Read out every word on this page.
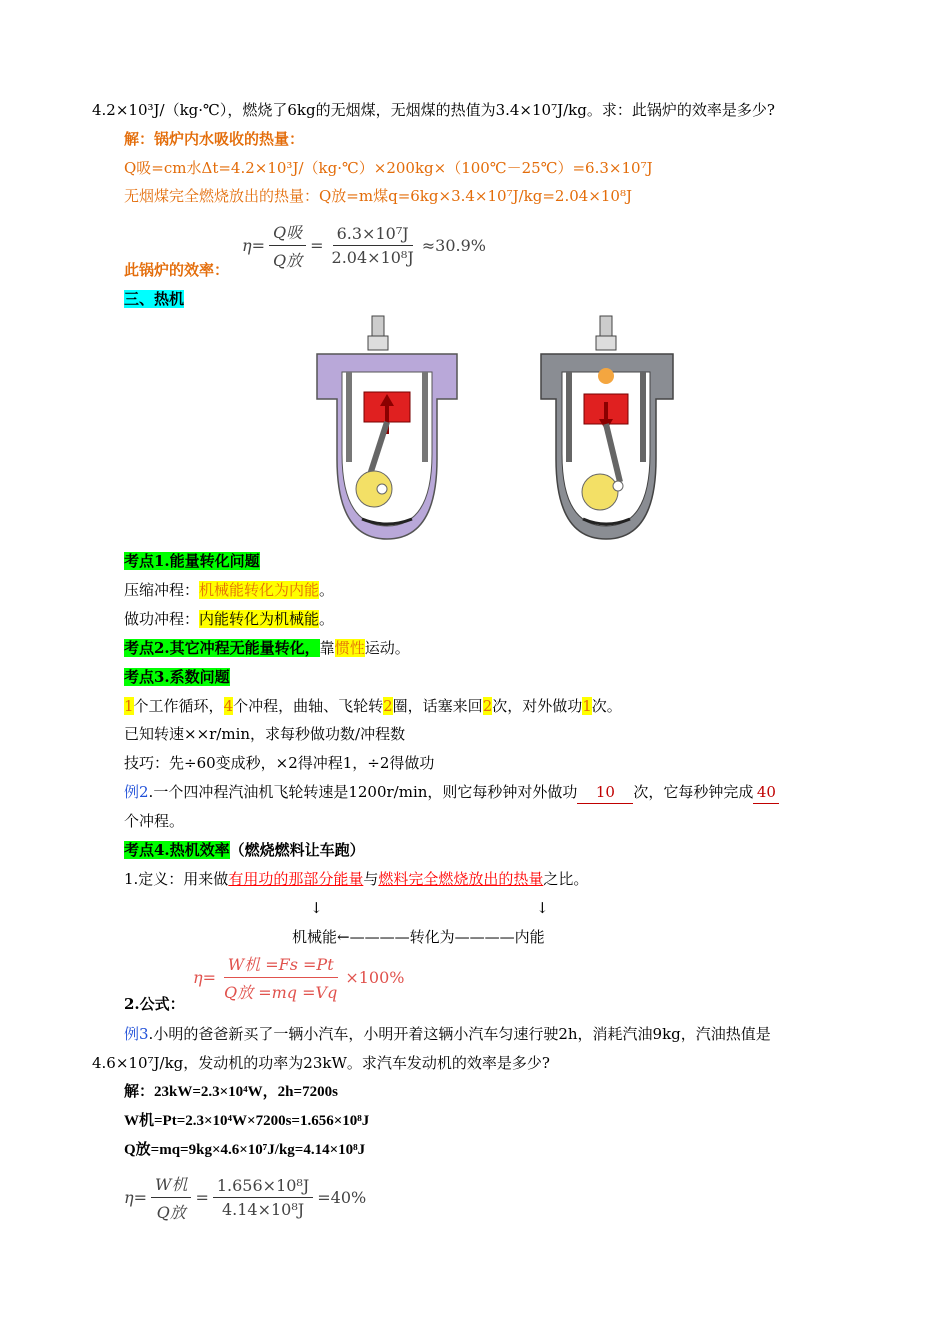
4.2×10³J/（kg·℃），燃烧了6kg的无烟煤，无烟煤的热值为3.4×10⁷J/kg。求：此锅炉的效率是多少?
解：锅炉内水吸收的热量：
Q吸=cm水Δt=4.2×10³J/（kg·℃）×200kg×（100℃－25℃）=6.3×10⁷J
无烟煤完全燃烧放出的热量：Q放=m煤q=6kg×3.4×10⁷J/kg=2.04×10⁸J
$\eta= \frac{\text{Q吸}}{\text{Q放}} = \frac{\text{6.3×10⁷J}}{\text{2.04×10⁸J}} \approx 30.9\%$
此锅炉的效率：
三、热机
考点1.能量转化问题
压缩冲程：机械能转化为内能。
做功冲程：内能转化为机械能。
考点2.其它冲程无能量转化，靠惯性运动。
考点3.系数问题
1个工作循环，4个冲程，曲轴、飞轮转2圈，话塞来回2次，对外做功1次。
已知转速××r/min，求每秒做功数/冲程数
技巧：先÷60变成秒，×2得冲程1，÷2得做功
例2.一个四冲程汽油机飞轮转速是1200r/min，则它每秒钟对外做功 10 次，它每秒钟完成 40
个冲程。
考点4.热机效率（燃烧燃料让车跑）
1.定义：用来做有用功的那部分能量与燃料完全燃烧放出的热量之比。
↓	↓
机械能←————转化为————内能
$\eta= \frac{\text{W机 =Fs =Pt}}{\text{Q放 =mq =Vq}} \times 100\%$
2.公式：
例3.小明的爸爸新买了一辆小汽车，小明开着这辆小汽车匀速行驶2h，消耗汽油9kg，汽油热值是
4.6×10⁷J/kg，发动机的功率为23kW。求汽车发动机的效率是多少?
解：23kW=2.3×10⁴W，2h=7200s
W机=Pt=2.3×10⁴W×7200s=1.656×10⁸J
Q放=mq=9kg×4.6×10⁷J/kg=4.14×10⁸J
$\eta= \frac{\text{W机}}{\text{Q放}} = \frac{\text{1.656×10⁸J}}{\text{4.14×10⁸J}} =40\%$
